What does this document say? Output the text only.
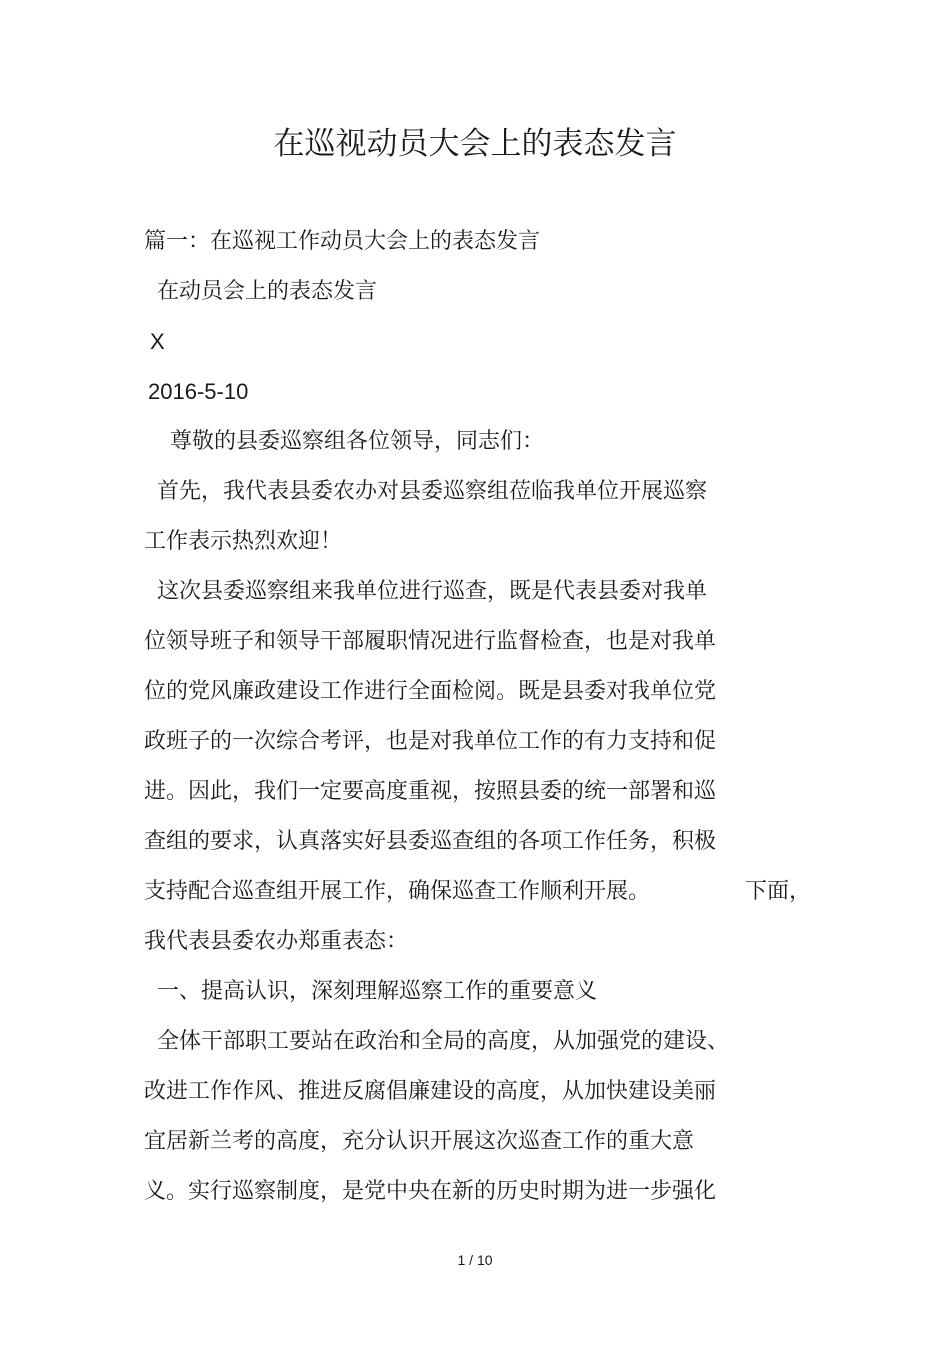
在巡视动员大会上的表态发言
篇一：在巡视工作动员大会上的表态发言
在动员会上的表态发言
X
2016-5-10
尊敬的县委巡察组各位领导，同志们：
首先，我代表县委农办对县委巡察组莅临我单位开展巡察
工作表示热烈欢迎！
这次县委巡察组来我单位进行巡查，既是代表县委对我单
位领导班子和领导干部履职情况进行监督检查，也是对我单
位的党风廉政建设工作进行全面检阅。既是县委对我单位党
政班子的一次综合考评，也是对我单位工作的有力支持和促
进。因此，我们一定要高度重视，按照县委的统一部署和巡
查组的要求，认真落实好县委巡查组的各项工作任务，积极
支持配合巡查组开展工作，确保巡查工作顺利开展。	下面，
我代表县委农办郑重表态：
一、提高认识，深刻理解巡察工作的重要意义
全体干部职工要站在政治和全局的高度，从加强党的建设、
改进工作作风、推进反腐倡廉建设的高度，从加快建设美丽
宜居新兰考的高度，充分认识开展这次巡查工作的重大意
义。实行巡察制度，是党中央在新的历史时期为进一步强化
1 / 10
